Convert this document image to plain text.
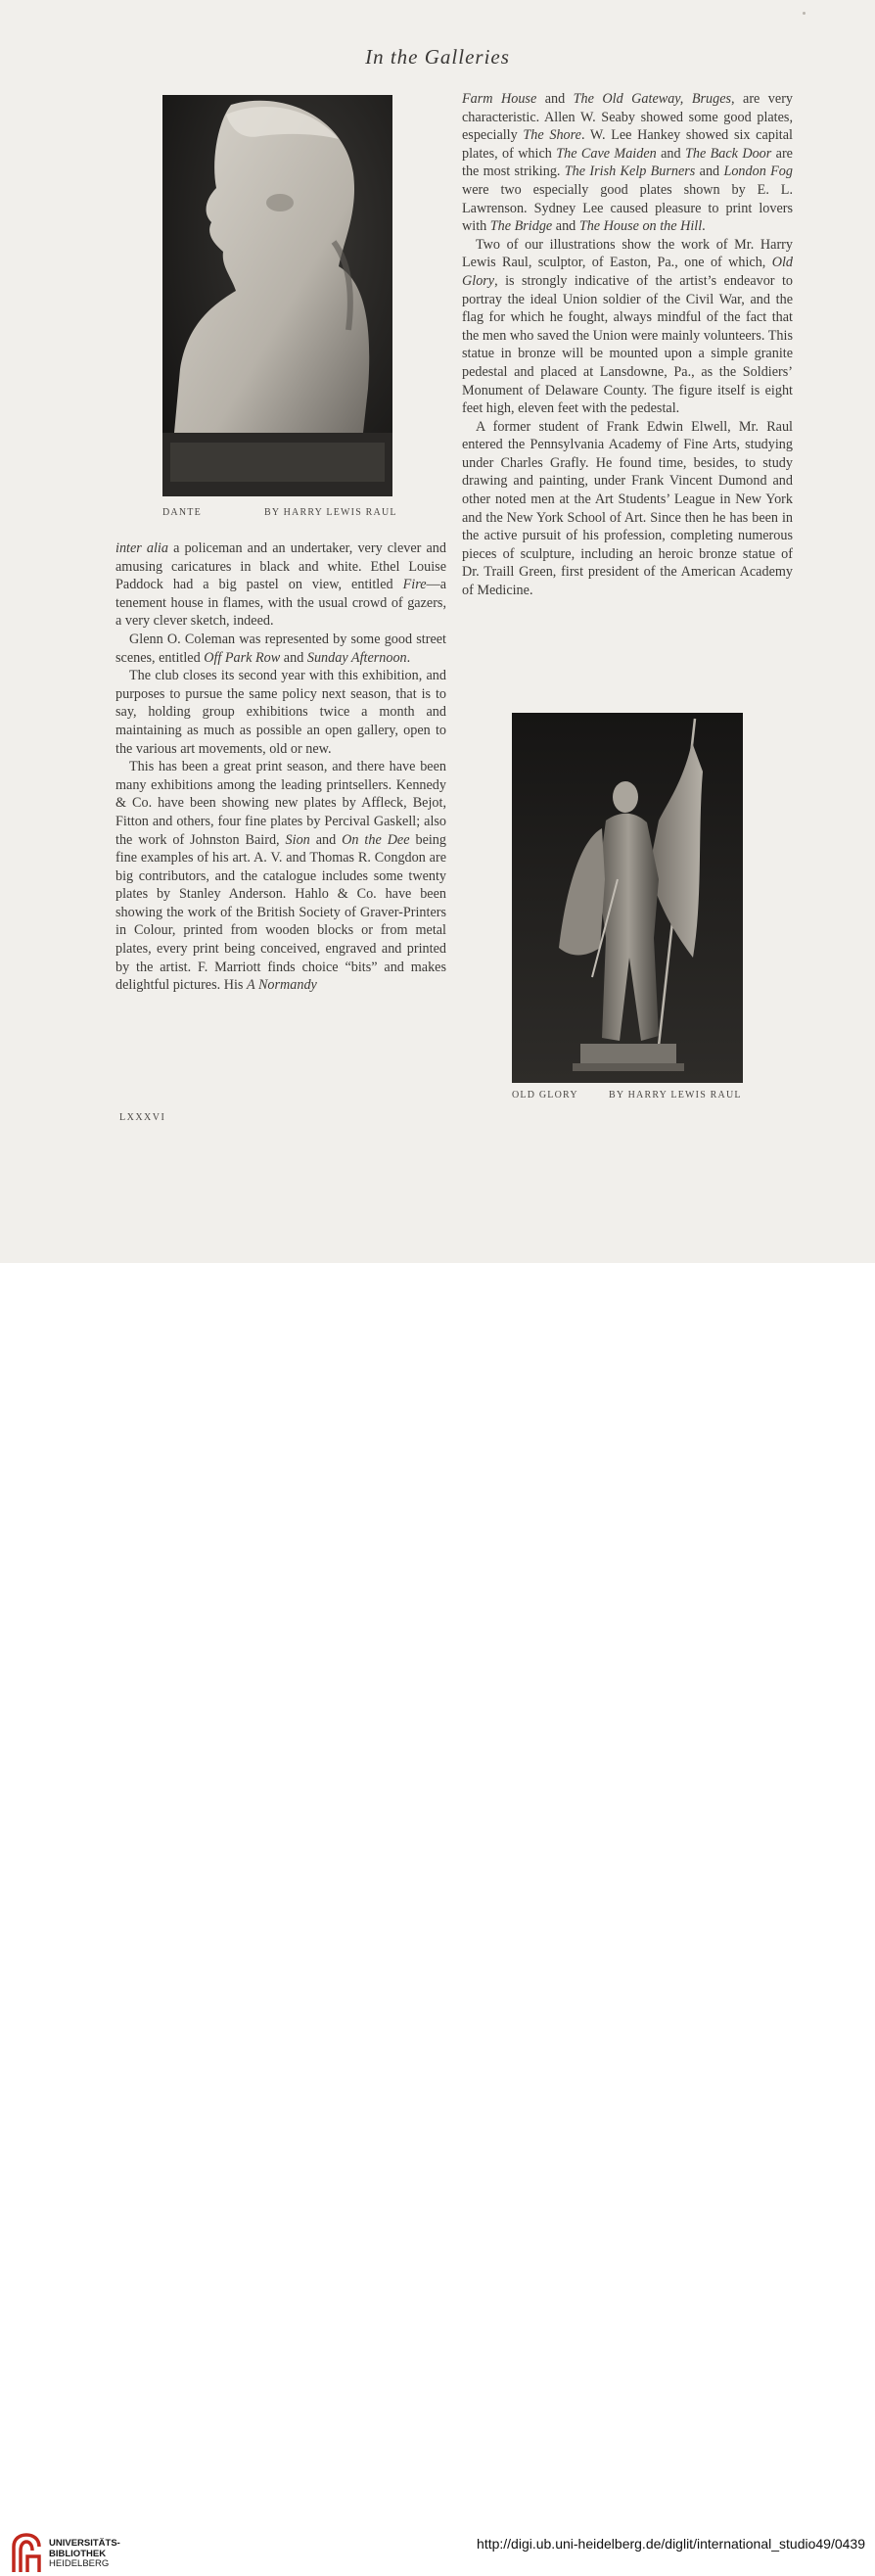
In the Galleries
DANTE	BY HARRY LEWIS RAUL

inter alia a policeman and an undertaker, very clever and amusing caricatures in black and white. Ethel Louise Paddock had a big pastel on view, entitled Fire—a tenement house in flames, with the usual crowd of gazers, a very clever sketch, indeed.

Glenn O. Coleman was represented by some good street scenes, entitled Off Park Row and Sunday Afternoon.

The club closes its second year with this exhibition, and purposes to pursue the same policy next season, that is to say, holding group exhibitions twice a month and maintaining as much as possible an open gallery, open to the various art movements, old or new.

This has been a great print season, and there have been many exhibitions among the leading printsellers. Kennedy & Co. have been showing new plates by Affleck, Bejot, Fitton and others, four fine plates by Percival Gaskell; also the work of Johnston Baird, Sion and On the Dee being fine examples of his art. A. V. and Thomas R. Congdon are big contributors, and the catalogue includes some twenty plates by Stanley Anderson. Hahlo & Co. have been showing the work of the British Society of Graver-Printers in Colour, printed from wooden blocks or from metal plates, every print being conceived, engraved and printed by the artist. F. Marriott finds choice “bits” and makes delightful pictures. His A Normandy

Farm House and The Old Gateway, Bruges, are very characteristic. Allen W. Seaby showed some good plates, especially The Shore. W. Lee Hankey showed six capital plates, of which The Cave Maiden and The Back Door are the most striking. The Irish Kelp Burners and London Fog were two especially good plates shown by E. L. Lawrenson. Sydney Lee caused pleasure to print lovers with The Bridge and The House on the Hill.

Two of our illustrations show the work of Mr. Harry Lewis Raul, sculptor, of Easton, Pa., one of which, Old Glory, is strongly indicative of the artist’s endeavor to portray the ideal Union soldier of the Civil War, and the flag for which he fought, always mindful of the fact that the men who saved the Union were mainly volunteers. This statue in bronze will be mounted upon a simple granite pedestal and placed at Lansdowne, Pa., as the Soldiers’ Monument of Delaware County. The figure itself is eight feet high, eleven feet with the pedestal.

A former student of Frank Edwin Elwell, Mr. Raul entered the Pennsylvania Academy of Fine Arts, studying under Charles Grafly. He found time, besides, to study drawing and painting, under Frank Vincent Dumond and other noted men at the Art Students’ League in New York and the New York School of Art. Since then he has been in the active pursuit of his profession, completing numerous pieces of sculpture, including an heroic bronze statue of Dr. Traill Green, first president of the American Academy of Medicine.

OLD GLORY	BY HARRY LEWIS RAUL
LXXXVI
UNIVERSITÄTS-
BIBLIOTHEK
HEIDELBERG
http://digi.ub.uni-heidelberg.de/diglit/international_studio49/0439
